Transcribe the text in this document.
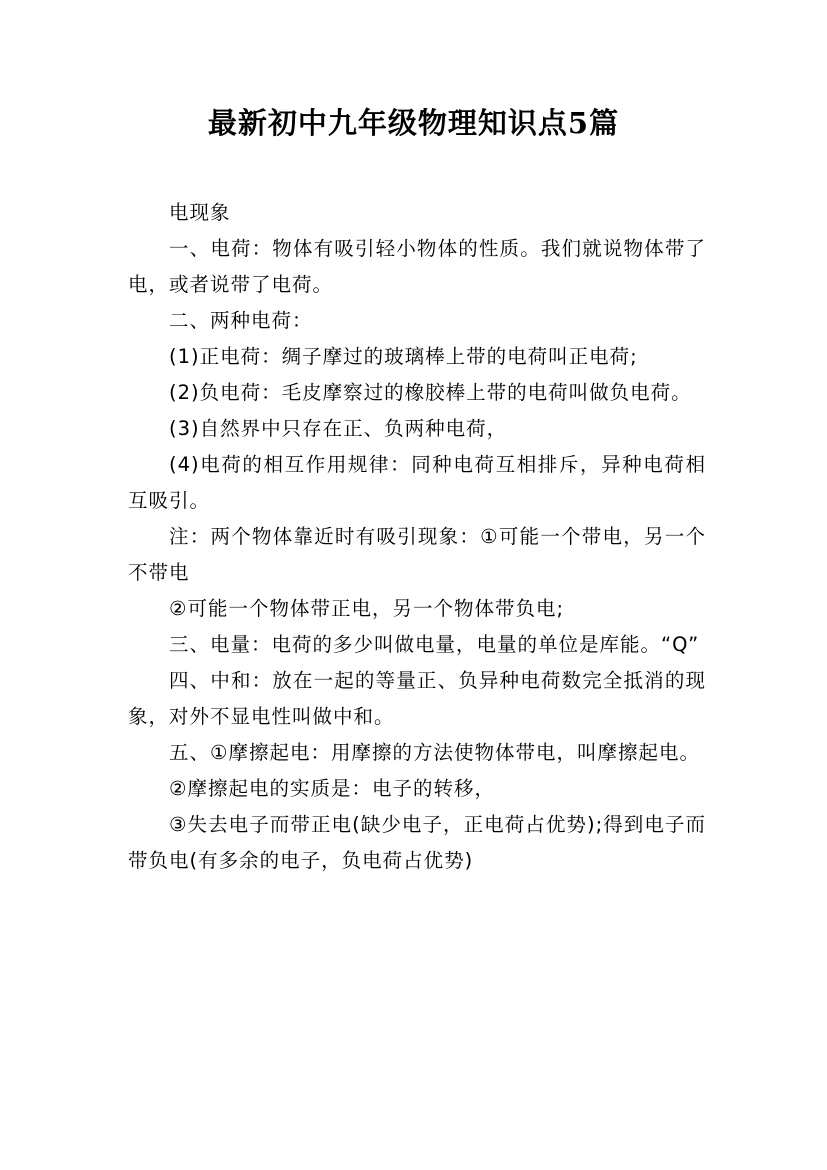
最新初中九年级物理知识点5篇

电现象

一、电荷：物体有吸引轻小物体的性质。我们就说物体带了电，或者说带了电荷。

二、两种电荷：

(1)正电荷：绸子摩过的玻璃棒上带的电荷叫正电荷;

(2)负电荷：毛皮摩察过的橡胶棒上带的电荷叫做负电荷。

(3)自然界中只存在正、负两种电荷，

(4)电荷的相互作用规律：同种电荷互相排斥，异种电荷相互吸引。

注：两个物体靠近时有吸引现象：①可能一个带电，另一个不带电

②可能一个物体带正电，另一个物体带负电;

三、电量：电荷的多少叫做电量，电量的单位是库能。“Q”

四、中和：放在一起的等量正、负异种电荷数完全抵消的现象，对外不显电性叫做中和。

五、①摩擦起电：用摩擦的方法使物体带电，叫摩擦起电。

②摩擦起电的实质是：电子的转移，

③失去电子而带正电(缺少电子，正电荷占优势);得到电子而带负电(有多余的电子，负电荷占优势)
